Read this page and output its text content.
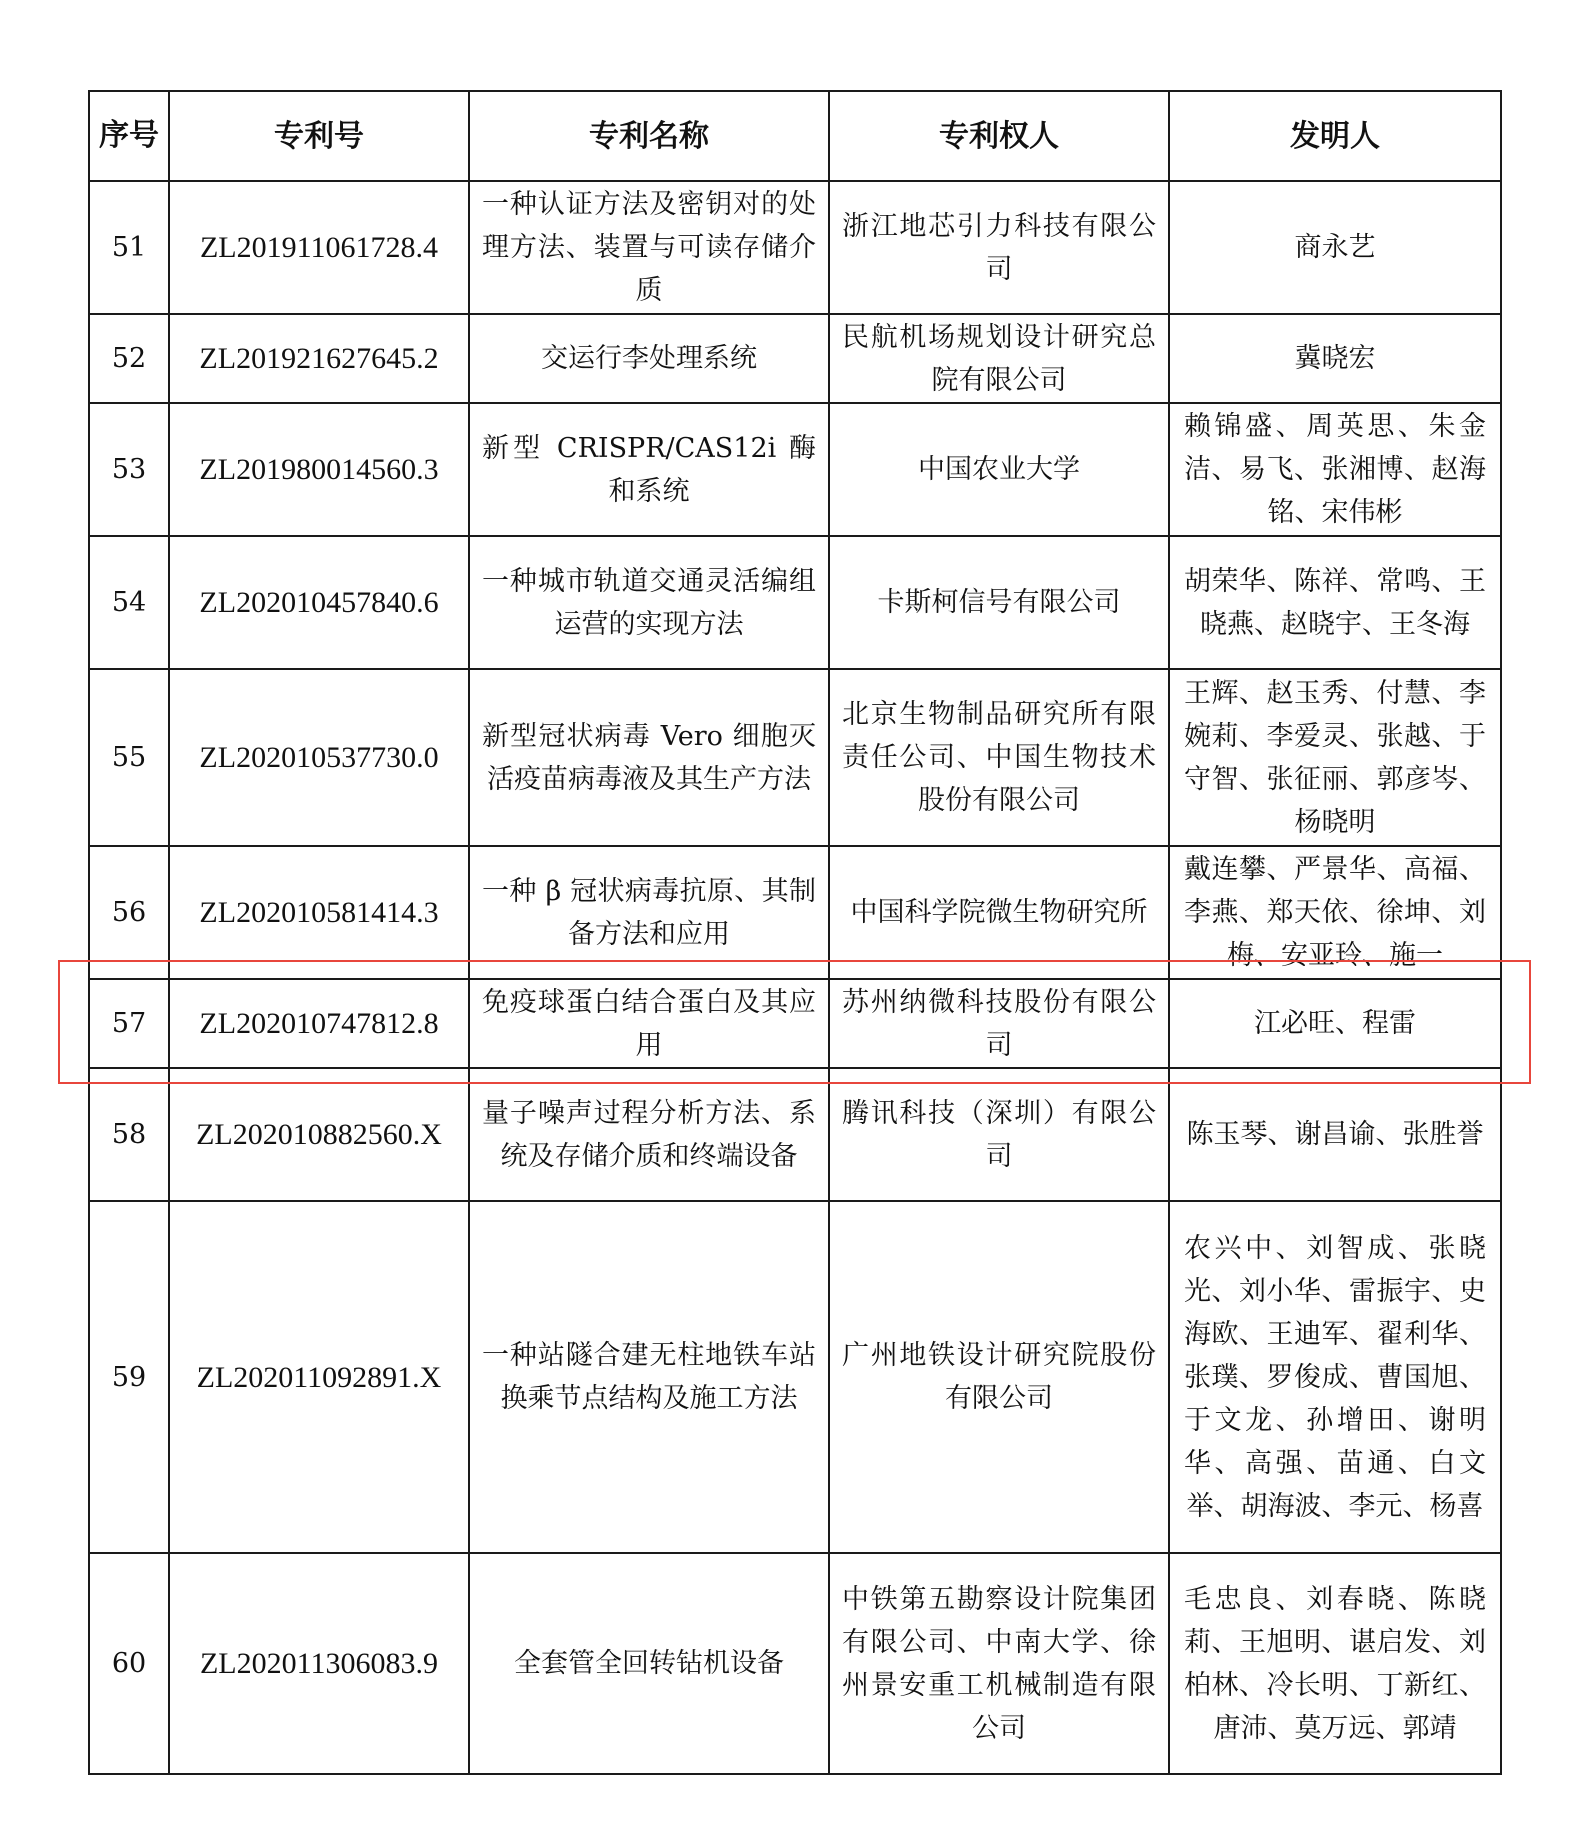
序号	专利号	专利名称	专利权人	发明人
51	ZL201911061728.4	一种认证方法及密钥对的处理方法、装置与可读存储介质	浙江地芯引力科技有限公司	商永艺
52	ZL201921627645.2	交运行李处理系统	民航机场规划设计研究总院有限公司	冀晓宏
53	ZL201980014560.3	新型 CRISPR/CAS12i 酶和系统	中国农业大学	赖锦盛、周英思、朱金洁、易飞、张湘博、赵海铭、宋伟彬
54	ZL202010457840.6	一种城市轨道交通灵活编组运营的实现方法	卡斯柯信号有限公司	胡荣华、陈祥、常鸣、王晓燕、赵晓宇、王冬海
55	ZL202010537730.0	新型冠状病毒 Vero 细胞灭活疫苗病毒液及其生产方法	北京生物制品研究所有限责任公司、中国生物技术股份有限公司	王辉、赵玉秀、付慧、李婉莉、李爱灵、张越、于守智、张征丽、郭彦岑、杨晓明
56	ZL202010581414.3	一种 β 冠状病毒抗原、其制备方法和应用	中国科学院微生物研究所	戴连攀、严景华、高福、李燕、郑天依、徐坤、刘梅、安亚玲、施一
57	ZL202010747812.8	免疫球蛋白结合蛋白及其应用	苏州纳微科技股份有限公司	江必旺、程雷
58	ZL202010882560.X	量子噪声过程分析方法、系统及存储介质和终端设备	腾讯科技（深圳）有限公司	陈玉琴、谢昌谕、张胜誉
59	ZL202011092891.X	一种站隧合建无柱地铁车站换乘节点结构及施工方法	广州地铁设计研究院股份有限公司	农兴中、刘智成、张晓光、刘小华、雷振宇、史海欧、王迪军、翟利华、张璞、罗俊成、曹国旭、于文龙、孙增田、谢明华、高强、苗通、白文举、胡海波、李元、杨喜
60	ZL202011306083.9	全套管全回转钻机设备	中铁第五勘察设计院集团有限公司、中南大学、徐州景安重工机械制造有限公司	毛忠良、刘春晓、陈晓莉、王旭明、谌启发、刘柏林、冷长明、丁新红、唐沛、莫万远、郭靖
